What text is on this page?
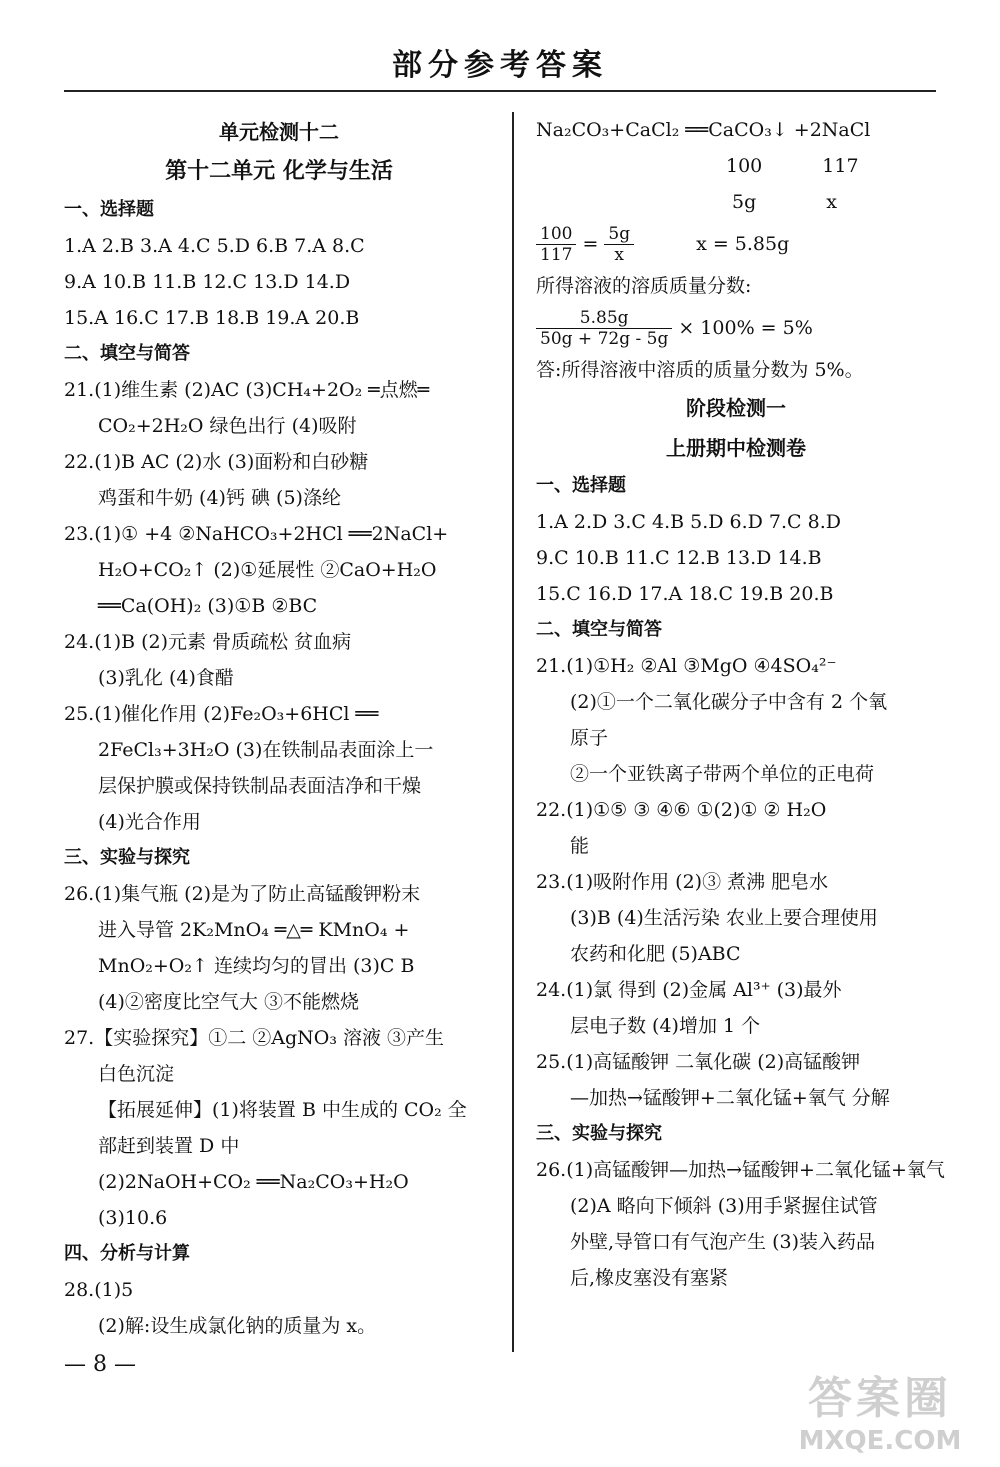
部分参考答案
单元检测十二
第十二单元 化学与生活
一、选择题
1.A 2.B 3.A 4.C 5.D 6.B 7.A 8.C
9.A 10.B 11.B 12.C 13.D 14.D
15.A 16.C 17.B 18.B 19.A 20.B
二、填空与简答
21.(1)维生素 (2)AC (3)CH₄+2O₂ ═点燃═
CO₂+2H₂O 绿色出行 (4)吸附
22.(1)B AC (2)水 (3)面粉和白砂糖
鸡蛋和牛奶 (4)钙 碘 (5)涤纶
23.(1)① +4 ②NaHCO₃+2HCl ══2NaCl+
H₂O+CO₂↑ (2)①延展性 ②CaO+H₂O
══Ca(OH)₂ (3)①B ②BC
24.(1)B (2)元素 骨质疏松 贫血病
(3)乳化 (4)食醋
25.(1)催化作用 (2)Fe₂O₃+6HCl ══
2FeCl₃+3H₂O (3)在铁制品表面涂上一
层保护膜或保持铁制品表面洁净和干燥
(4)光合作用
三、实验与探究
26.(1)集气瓶 (2)是为了防止高锰酸钾粉末
进入导管 2K₂MnO₄ ═△═ KMnO₄ +
MnO₂+O₂↑ 连续均匀的冒出 (3)C B
(4)②密度比空气大 ③不能燃烧
27.【实验探究】①二 ②AgNO₃ 溶液 ③产生
白色沉淀
【拓展延伸】(1)将装置 B 中生成的 CO₂ 全
部赶到装置 D 中
(2)2NaOH+CO₂ ══Na₂CO₃+H₂O
(3)10.6
四、分析与计算
28.(1)5
(2)解:设生成氯化钠的质量为 x。
Na₂CO₃+CaCl₂ ══CaCO₃↓ +2NaCl
100	117
5g	x
$\frac{100}{117} = \frac{5g}{x}$	x = 5.85g
所得溶液的溶质质量分数:
$\frac{5.85g}{50g + 72g - 5g} \times 100\% = 5\%$
答:所得溶液中溶质的质量分数为 5%。
阶段检测一
上册期中检测卷
一、选择题
1.A 2.D 3.C 4.B 5.D 6.D 7.C 8.D
9.C 10.B 11.C 12.B 13.D 14.B
15.C 16.D 17.A 18.C 19.B 20.B
二、填空与简答
21.(1)①H₂ ②Al ③MgO ④4SO₄²⁻
(2)①一个二氧化碳分子中含有 2 个氧
原子
②一个亚铁离子带两个单位的正电荷
22.(1)①⑤ ③ ④⑥ ①(2)① ② H₂O
能
23.(1)吸附作用 (2)③ 煮沸 肥皂水
(3)B (4)生活污染 农业上要合理使用
农药和化肥 (5)ABC
24.(1)氯 得到 (2)金属 Al³⁺ (3)最外
层电子数 (4)增加 1 个
25.(1)高锰酸钾 二氧化碳 (2)高锰酸钾
—加热→锰酸钾+二氧化锰+氧气 分解
三、实验与探究
26.(1)高锰酸钾—加热→锰酸钾+二氧化锰+氧气
(2)A 略向下倾斜 (3)用手紧握住试管
外壁,导管口有气泡产生 (3)装入药品
后,橡皮塞没有塞紧
— 8 —
答案圈
MXQE.COM
